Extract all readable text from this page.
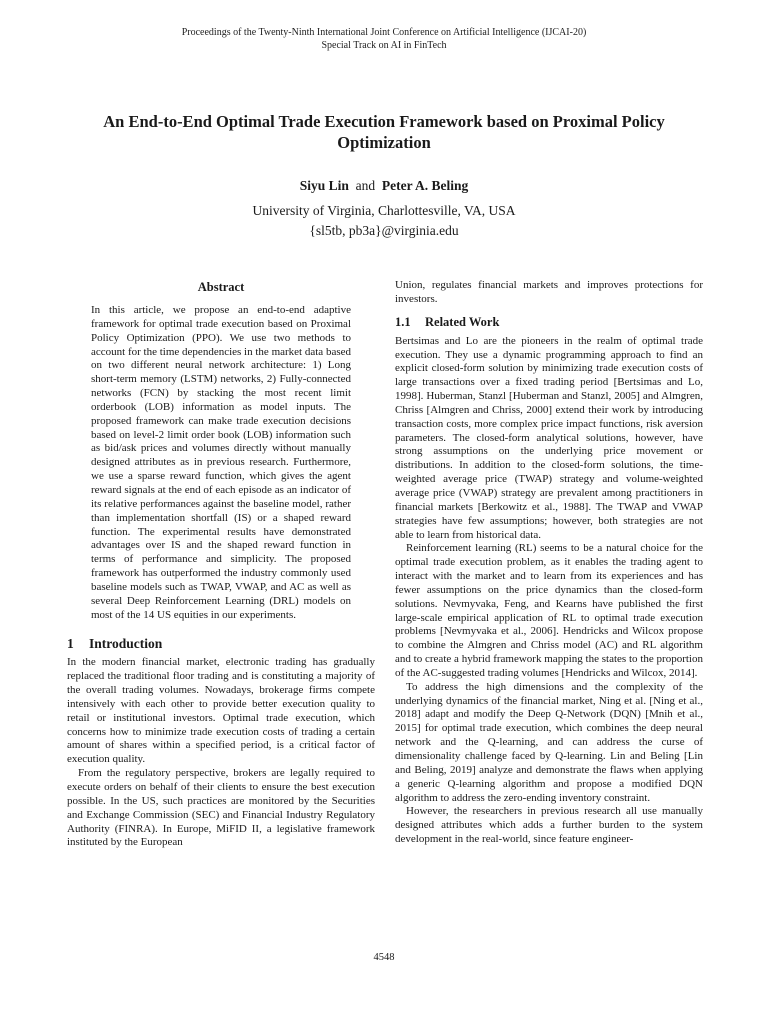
Proceedings of the Twenty-Ninth International Joint Conference on Artificial Intelligence (IJCAI-20)
Special Track on AI in FinTech
An End-to-End Optimal Trade Execution Framework based on Proximal Policy Optimization
Siyu Lin and Peter A. Beling
University of Virginia, Charlottesville, VA, USA
{sl5tb, pb3a}@virginia.edu
Abstract
In this article, we propose an end-to-end adaptive framework for optimal trade execution based on Proximal Policy Optimization (PPO). We use two methods to account for the time dependencies in the market data based on two different neural network architecture: 1) Long short-term memory (LSTM) networks, 2) Fully-connected networks (FCN) by stacking the most recent limit orderbook (LOB) information as model inputs. The proposed framework can make trade execution decisions based on level-2 limit order book (LOB) information such as bid/ask prices and volumes directly without manually designed attributes as in previous research. Furthermore, we use a sparse reward function, which gives the agent reward signals at the end of each episode as an indicator of its relative performances against the baseline model, rather than implementation shortfall (IS) or a shaped reward function. The experimental results have demonstrated advantages over IS and the shaped reward function in terms of performance and simplicity. The proposed framework has outperformed the industry commonly used baseline models such as TWAP, VWAP, and AC as well as several Deep Reinforcement Learning (DRL) models on most of the 14 US equities in our experiments.
1 Introduction

In the modern financial market, electronic trading has gradually replaced the traditional floor trading and is constituting a majority of the overall trading volumes. Nowadays, brokerage firms compete intensively with each other to provide better execution quality to retail or institutional investors. Optimal trade execution, which concerns how to minimize trade execution costs of trading a certain amount of shares within a specified period, is a critical factor of execution quality.

From the regulatory perspective, brokers are legally required to execute orders on behalf of their clients to ensure the best execution possible. In the US, such practices are monitored by the Securities and Exchange Commission (SEC) and Financial Industry Regulatory Authority (FINRA). In Europe, MiFID II, a legislative framework instituted by the European

Union, regulates financial markets and improves protections for investors.

1.1 Related Work

Bertsimas and Lo are the pioneers in the realm of optimal trade execution. They use a dynamic programming approach to find an explicit closed-form solution by minimizing trade execution costs of large transactions over a fixed trading period [Bertsimas and Lo, 1998]. Huberman, Stanzl [Huberman and Stanzl, 2005] and Almgren, Chriss [Almgren and Chriss, 2000] extend their work by introducing transaction costs, more complex price impact functions, risk aversion parameters. The closed-form analytical solutions, however, have strong assumptions on the underlying price movement or distributions. In addition to the closed-form solutions, the time-weighted average price (TWAP) strategy and volume-weighted average price (VWAP) strategy are prevalent among practitioners in financial markets [Berkowitz et al., 1988]. The TWAP and VWAP strategies have few assumptions; however, both strategies are not able to learn from historical data.

Reinforcement learning (RL) seems to be a natural choice for the optimal trade execution problem, as it enables the trading agent to interact with the market and to learn from its experiences and has fewer assumptions on the price dynamics than the closed-form solutions. Nevmyvaka, Feng, and Kearns have published the first large-scale empirical application of RL to optimal trade execution problems [Nevmyvaka et al., 2006]. Hendricks and Wilcox propose to combine the Almgren and Chriss model (AC) and RL algorithm and to create a hybrid framework mapping the states to the proportion of the AC-suggested trading volumes [Hendricks and Wilcox, 2014].

To address the high dimensions and the complexity of the underlying dynamics of the financial market, Ning et al. [Ning et al., 2018] adapt and modify the Deep Q-Network (DQN) [Mnih et al., 2015] for optimal trade execution, which combines the deep neural network and the Q-learning, and can address the curse of dimensionality challenge faced by Q-learning. Lin and Beling [Lin and Beling, 2019] analyze and demonstrate the flaws when applying a generic Q-learning algorithm and propose a modified DQN algorithm to address the zero-ending inventory constraint.

However, the researchers in previous research all use manually designed attributes which adds a further burden to the system development in the real-world, since feature engineer-

4548
